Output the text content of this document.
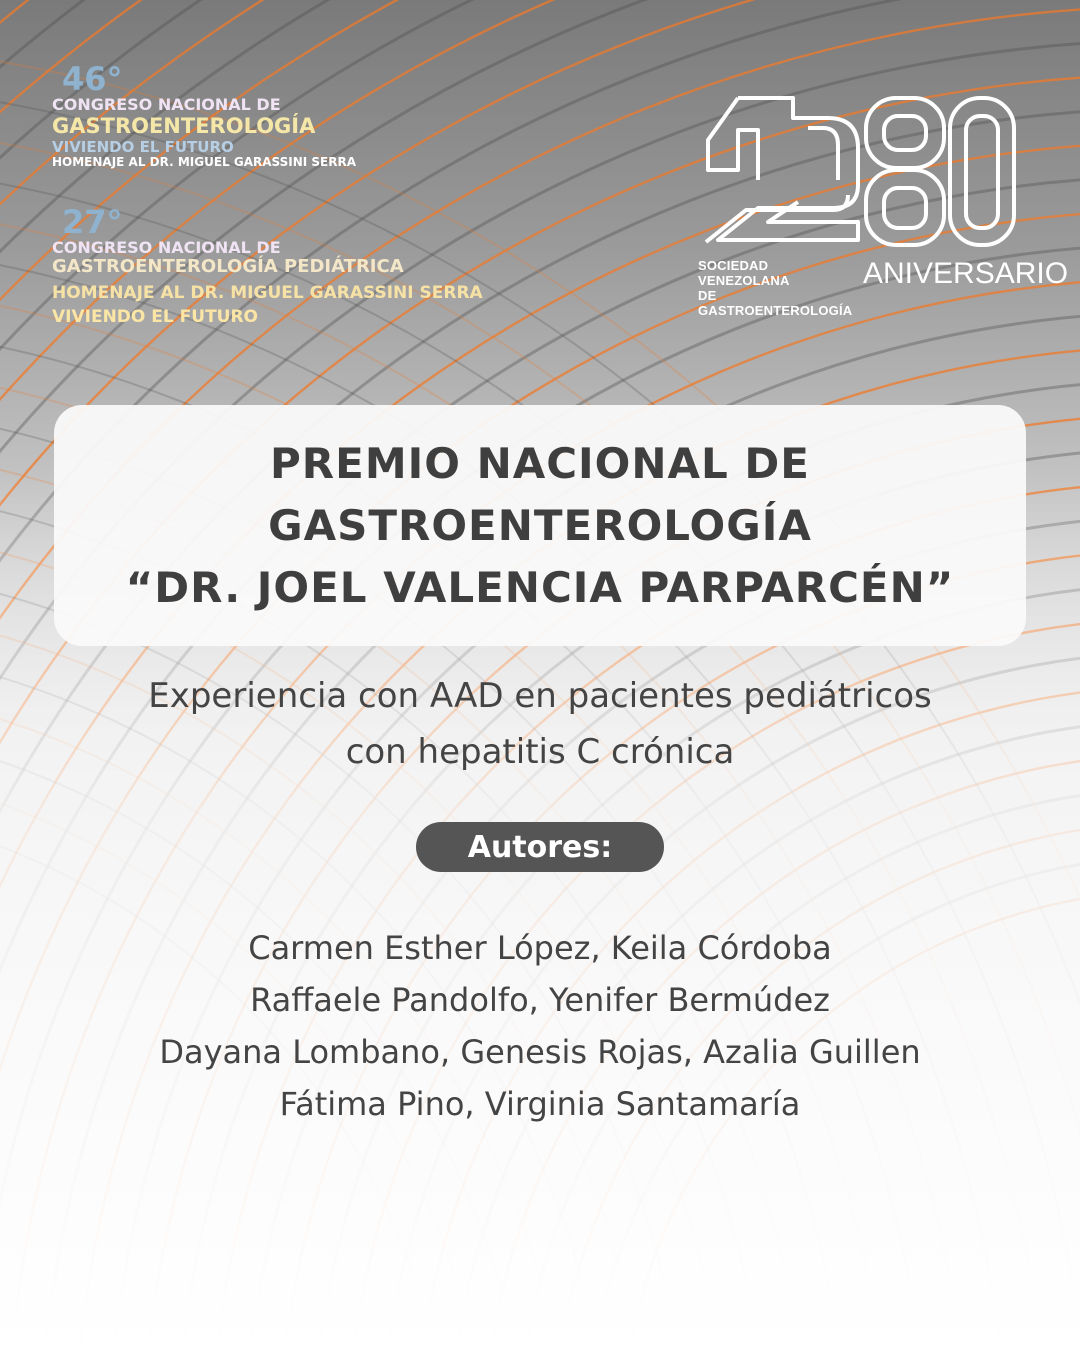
46°
CONGRESO NACIONAL DE
GASTROENTEROLOGÍA
VIVIENDO EL FUTURO
HOMENAJE AL DR. MIGUEL GARASSINI SERRA
27°
CONGRESO NACIONAL DE
GASTROENTEROLOGÍA PEDIÁTRICA
HOMENAJE AL DR. MIGUEL GARASSINI SERRA
VIVIENDO EL FUTURO
SOCIEDAD VENEZOLANA
DE GASTROENTEROLOGÍA
ANIVERSARIO
PREMIO NACIONAL DE
GASTROENTEROLOGÍA
“DR. JOEL VALENCIA PARPARCÉN”
Experiencia con AAD en pacientes pediátricos
con hepatitis C crónica
Autores:
Carmen Esther López, Keila Córdoba
Raffaele Pandolfo, Yenifer Bermúdez
Dayana Lombano, Genesis Rojas, Azalia Guillen
Fátima Pino, Virginia Santamaría
